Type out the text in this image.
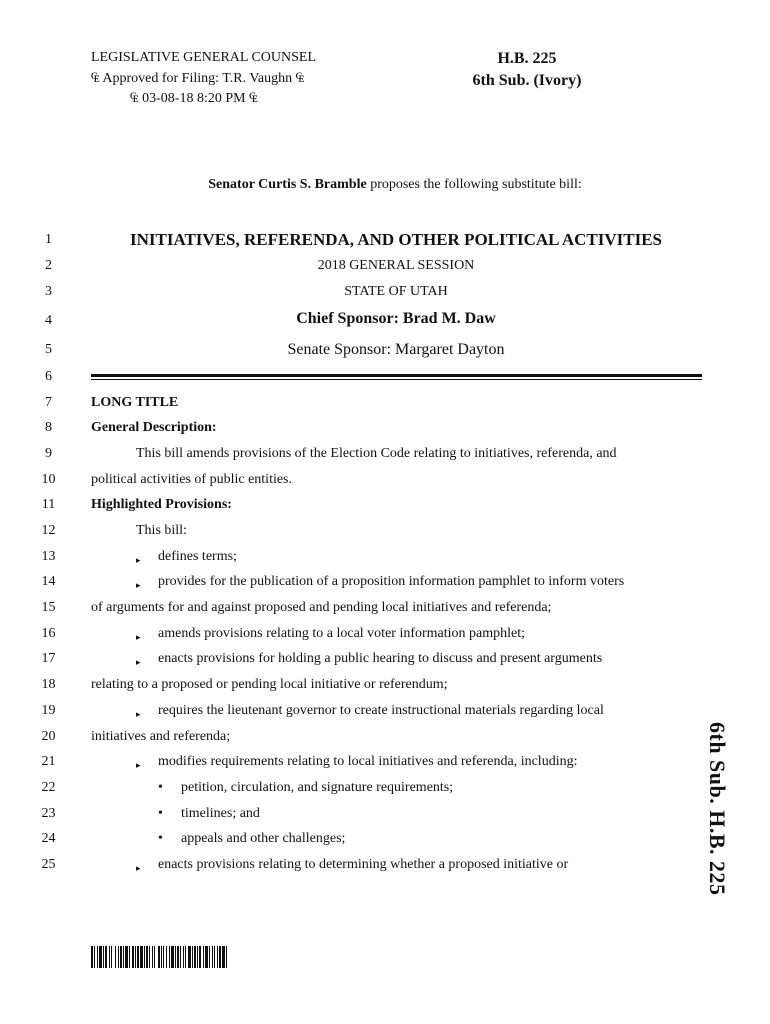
LEGISLATIVE GENERAL COUNSEL
₠ Approved for Filing: T.R. Vaughn ₠
₠ 03-08-18 8:20 PM ₠
H.B. 225
6th Sub. (Ivory)
Senator Curtis S. Bramble proposes the following substitute bill:
1	INITIATIVES, REFERENDA, AND OTHER POLITICAL ACTIVITIES
2	2018 GENERAL SESSION
3	STATE OF UTAH
4	Chief Sponsor: Brad M. Daw
5	Senate Sponsor: Margaret Dayton
6
7	LONG TITLE
8	General Description:
9	This bill amends provisions of the Election Code relating to initiatives, referenda, and
10	political activities of public entities.
11	Highlighted Provisions:
12	This bill:
13	$_▸$ defines terms;
14	$_▸$ provides for the publication of a proposition information pamphlet to inform voters
15	of arguments for and against proposed and pending local initiatives and referenda;
16	$_▸$ amends provisions relating to a local voter information pamphlet;
17	$_▸$ enacts provisions for holding a public hearing to discuss and present arguments
18	relating to a proposed or pending local initiative or referendum;
19	$_▸$ requires the lieutenant governor to create instructional materials regarding local
20	initiatives and referenda;
21	$_▸$ modifies requirements relating to local initiatives and referenda, including:
22	• petition, circulation, and signature requirements;
23	• timelines; and
24	• appeals and other challenges;
25	$_▸$ enacts provisions relating to determining whether a proposed initiative or	6th Sub. H.B. 225
